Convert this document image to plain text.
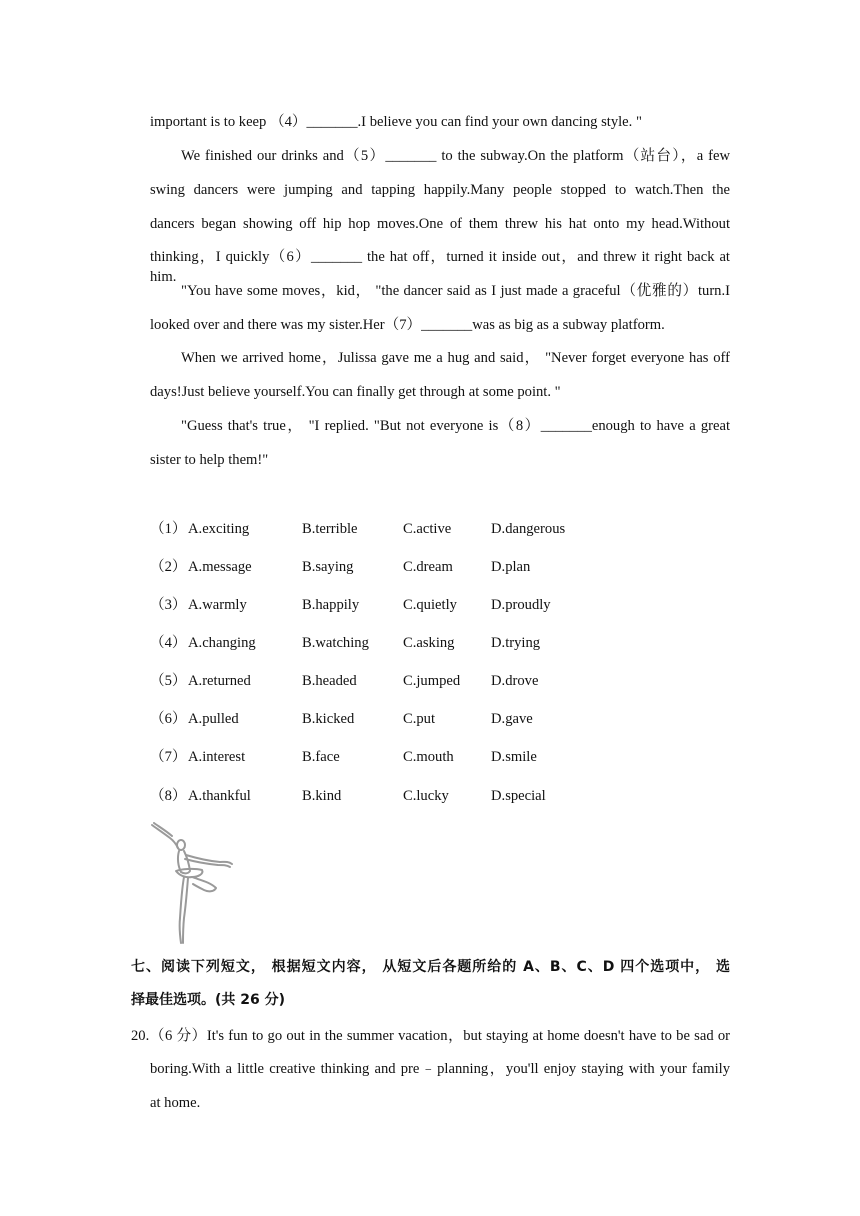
important is to keep （4）_______.I believe you can find your own dancing style. "
We finished our drinks and（5）_______ to the subway.On the platform（站台），a few
swing dancers were jumping and tapping happily.Many people stopped to watch.Then the
dancers began showing off hip hop moves.One of them threw his hat onto my head.Without
thinking，I quickly（6）_______ the hat off，turned it inside out，and threw it right back at him.
"You have some moves，kid， "the dancer said as I just made a graceful（优雅的）turn.I
looked over and there was my sister.Her（7）_______was as big as a subway platform.
When we arrived home，Julissa gave me a hug and said， "Never forget everyone has off
days!Just believe yourself.You can finally get through at some point. "
"Guess that's true， "I replied. "But not everyone is（8）_______enough to have a great
sister to help them!"
（1） A.exciting	B.terrible	C.active	D.dangerous
（2） A.message	B.saying	C.dream	D.plan
（3） A.warmly	B.happily	C.quietly D.proudly
（4） A.changing	B.watching C.asking	D.trying
（5） A.returned	B.headed	C.jumped D.drove
（6） A.pulled	B.kicked	C.put	D.gave
（7） A.interest	B.face	C.mouth	D.smile
（8） A.thankful	B.kind	C.lucky	D.special
七、阅读下列短文， 根据短文内容， 从短文后各题所给的 A、B、C、D 四个选项中， 选
择最佳选项。(共 26 分)
20.（6 分）It's fun to go out in the summer vacation，but staying at home doesn't have to be sad or
boring.With a little creative thinking and pre﹣planning，you'll enjoy staying with your family
at home.
